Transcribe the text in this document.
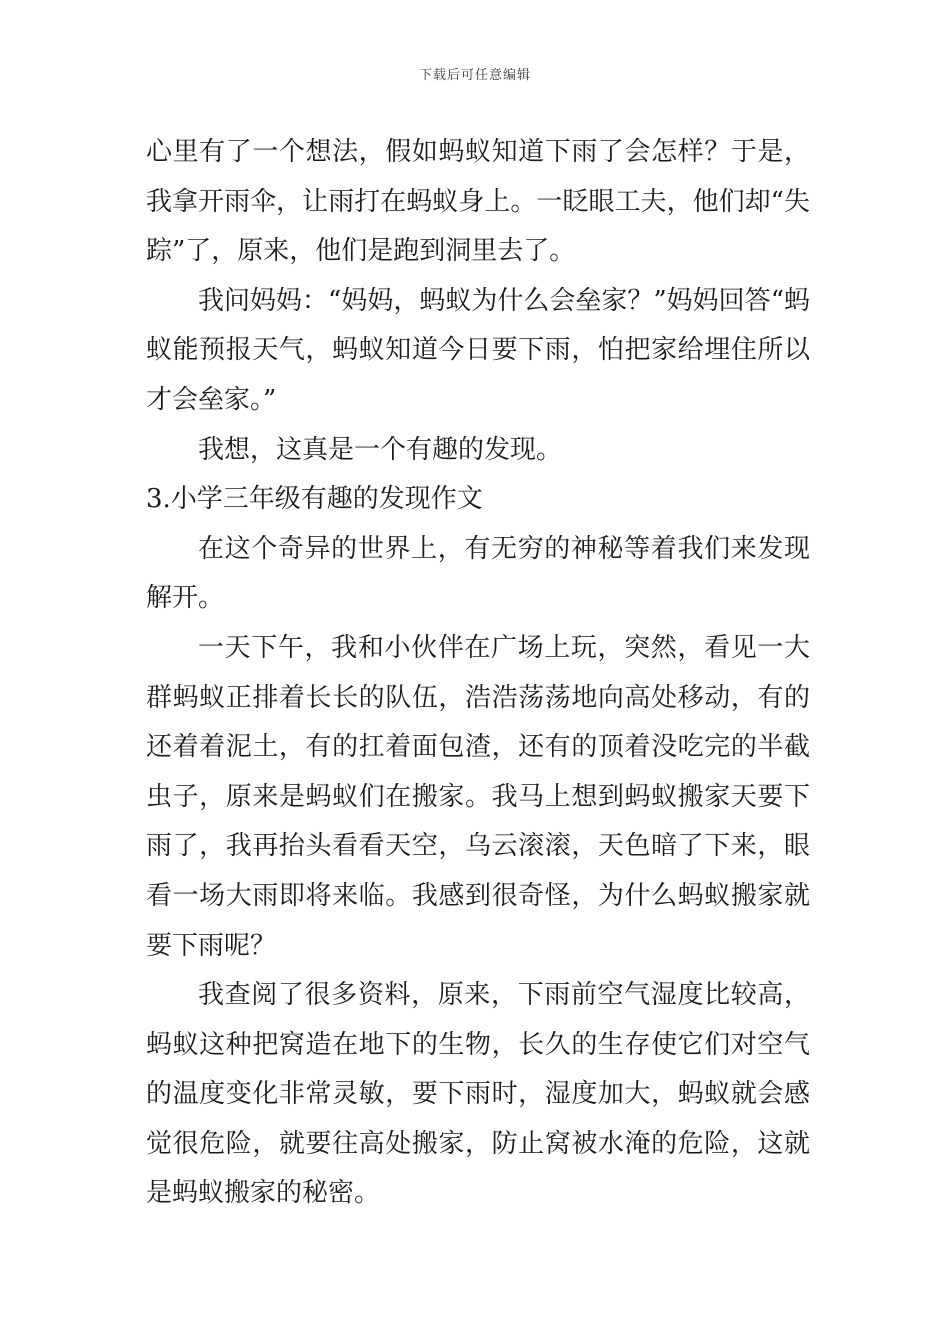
下载后可任意编辑

心里有了一个想法，假如蚂蚁知道下雨了会怎样？于是，我拿开雨伞，让雨打在蚂蚁身上。一眨眼工夫，他们却“失踪”了，原来，他们是跑到洞里去了。

我问妈妈：“妈妈，蚂蚁为什么会垒家？”妈妈回答“蚂蚁能预报天气，蚂蚁知道今日要下雨，怕把家给埋住所以才会垒家。”

我想，这真是一个有趣的发现。

3.小学三年级有趣的发现作文

在这个奇异的世界上，有无穷的神秘等着我们来发现解开。

一天下午，我和小伙伴在广场上玩，突然，看见一大群蚂蚁正排着长长的队伍，浩浩荡荡地向高处移动，有的还着着泥土，有的扛着面包渣，还有的顶着没吃完的半截虫子，原来是蚂蚁们在搬家。我马上想到蚂蚁搬家天要下雨了，我再抬头看看天空，乌云滚滚，天色暗了下来，眼看一场大雨即将来临。我感到很奇怪，为什么蚂蚁搬家就要下雨呢？

我查阅了很多资料，原来，下雨前空气湿度比较高，蚂蚁这种把窝造在地下的生物，长久的生存使它们对空气的温度变化非常灵敏，要下雨时，湿度加大，蚂蚁就会感觉很危险，就要往高处搬家，防止窝被水淹的危险，这就是蚂蚁搬家的秘密。
